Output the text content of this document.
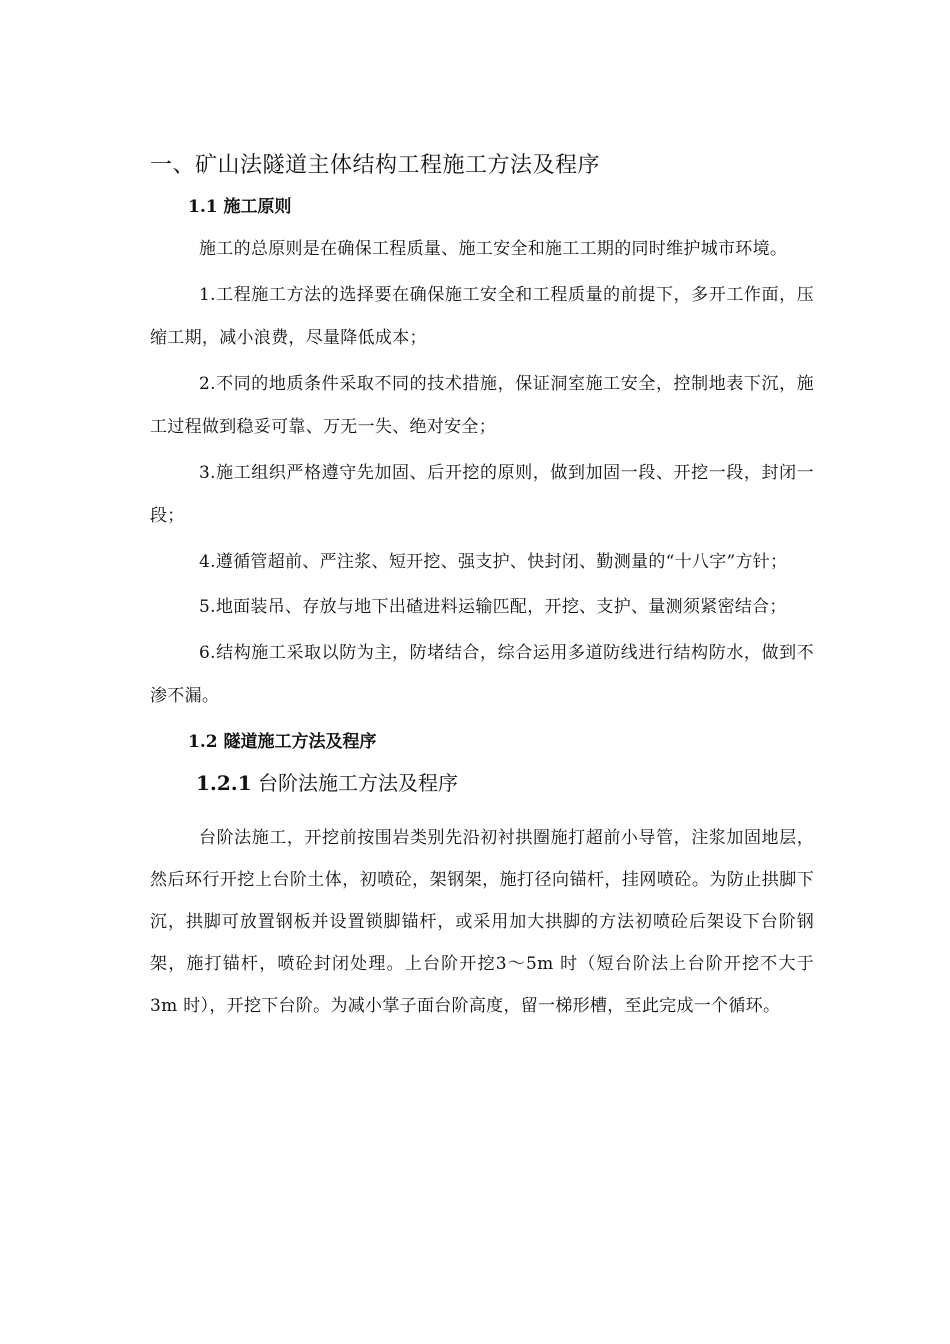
一、矿山法隧道主体结构工程施工方法及程序
1.1 施工原则

施工的总原则是在确保工程质量、施工安全和施工工期的同时维护城市环境。

1.工程施工方法的选择要在确保施工安全和工程质量的前提下，多开工作面，压缩工期，减小浪费，尽量降低成本；

2.不同的地质条件采取不同的技术措施，保证洞室施工安全，控制地表下沉，施工过程做到稳妥可靠、万无一失、绝对安全；

3.施工组织严格遵守先加固、后开挖的原则，做到加固一段、开挖一段，封闭一段；

4.遵循管超前、严注浆、短开挖、强支护、快封闭、勤测量的“十八字”方针；

5.地面装吊、存放与地下出碴进料运输匹配，开挖、支护、量测须紧密结合；

6.结构施工采取以防为主，防堵结合，综合运用多道防线进行结构防水，做到不渗不漏。

1.2 隧道施工方法及程序
1.2.1 台阶法施工方法及程序

台阶法施工，开挖前按围岩类别先沿初衬拱圈施打超前小导管，注浆加固地层，然后环行开挖上台阶土体，初喷砼，架钢架，施打径向锚杆，挂网喷砼。为防止拱脚下沉，拱脚可放置钢板并设置锁脚锚杆，或采用加大拱脚的方法初喷砼后架设下台阶钢架，施打锚杆，喷砼封闭处理。上台阶开挖3～5m 时（短台阶法上台阶开挖不大于 3m 时），开挖下台阶。为减小掌子面台阶高度，留一梯形槽，至此完成一个循环。
